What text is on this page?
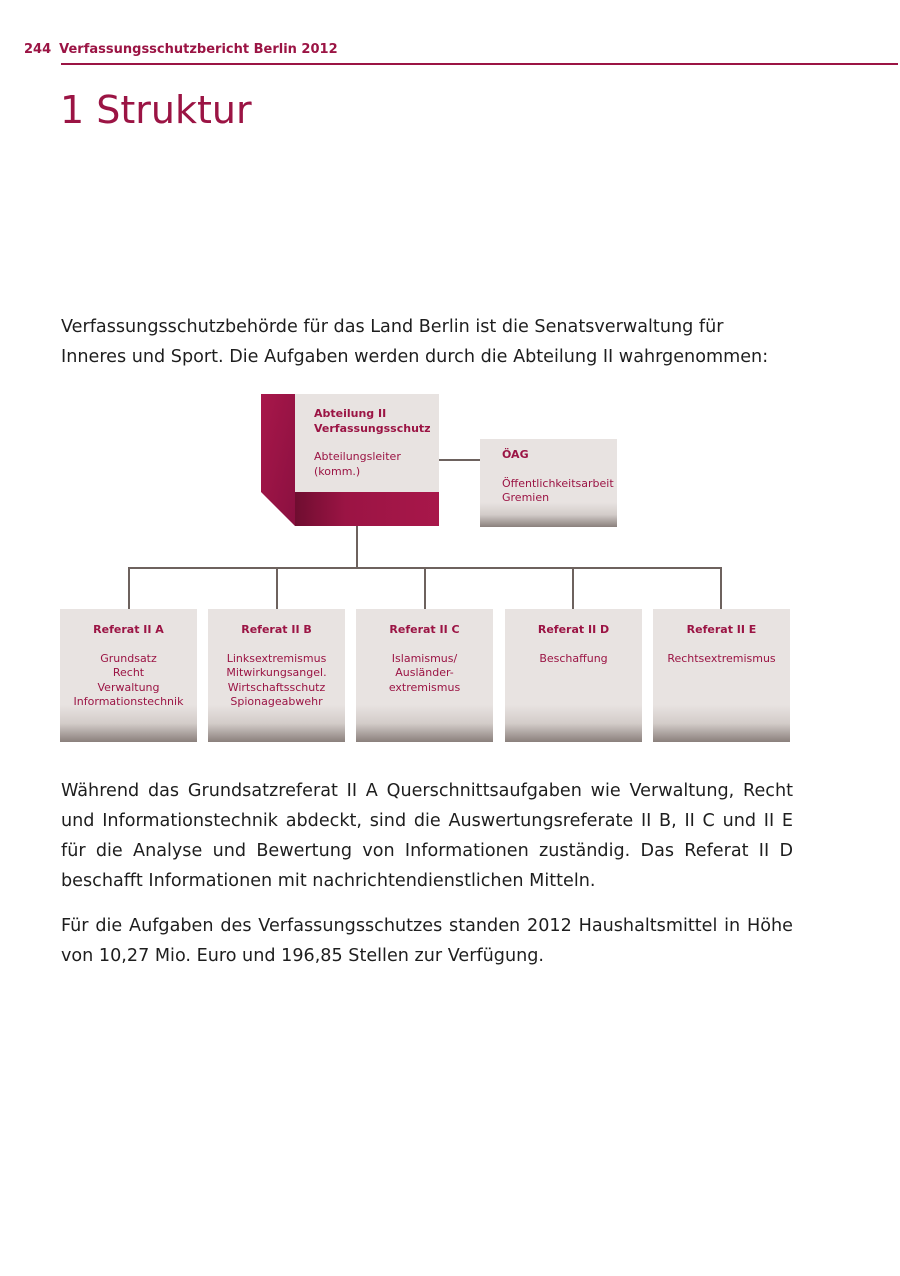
244 Verfassungsschutzbericht Berlin 2012
1 Struktur

Verfassungsschutzbehörde für das Land Berlin ist die Senatsverwaltung für Inneres und Sport. Die Aufgaben werden durch die Abteilung II wahrgenommen:

Abteilung II
Verfassungsschutz
Abteilungsleiter
(komm.)
ÖAG
Öffentlichkeitsarbeit
Gremien
Referat II A
Grundsatz
Recht
Verwaltung
Informationstechnik
Referat II B
Linksextremismus
Mitwirkungsangel.
Wirtschaftsschutz
Spionageabwehr
Referat II C
Islamismus/
Ausländer-
extremismus
Referat II D
Beschaffung
Referat II E
Rechtsextremismus

Während das Grundsatzreferat II A Querschnittsaufgaben wie Verwaltung, Recht und Informationstechnik abdeckt, sind die Auswertungsreferate II B, II C und II E für die Analyse und Bewertung von Informationen zuständig. Das Referat II D beschafft Informationen mit nachrichtendienstlichen Mitteln.

Für die Aufgaben des Verfassungsschutzes standen 2012 Haushaltsmittel in Höhe von 10,27 Mio. Euro und 196,85 Stellen zur Verfügung.
